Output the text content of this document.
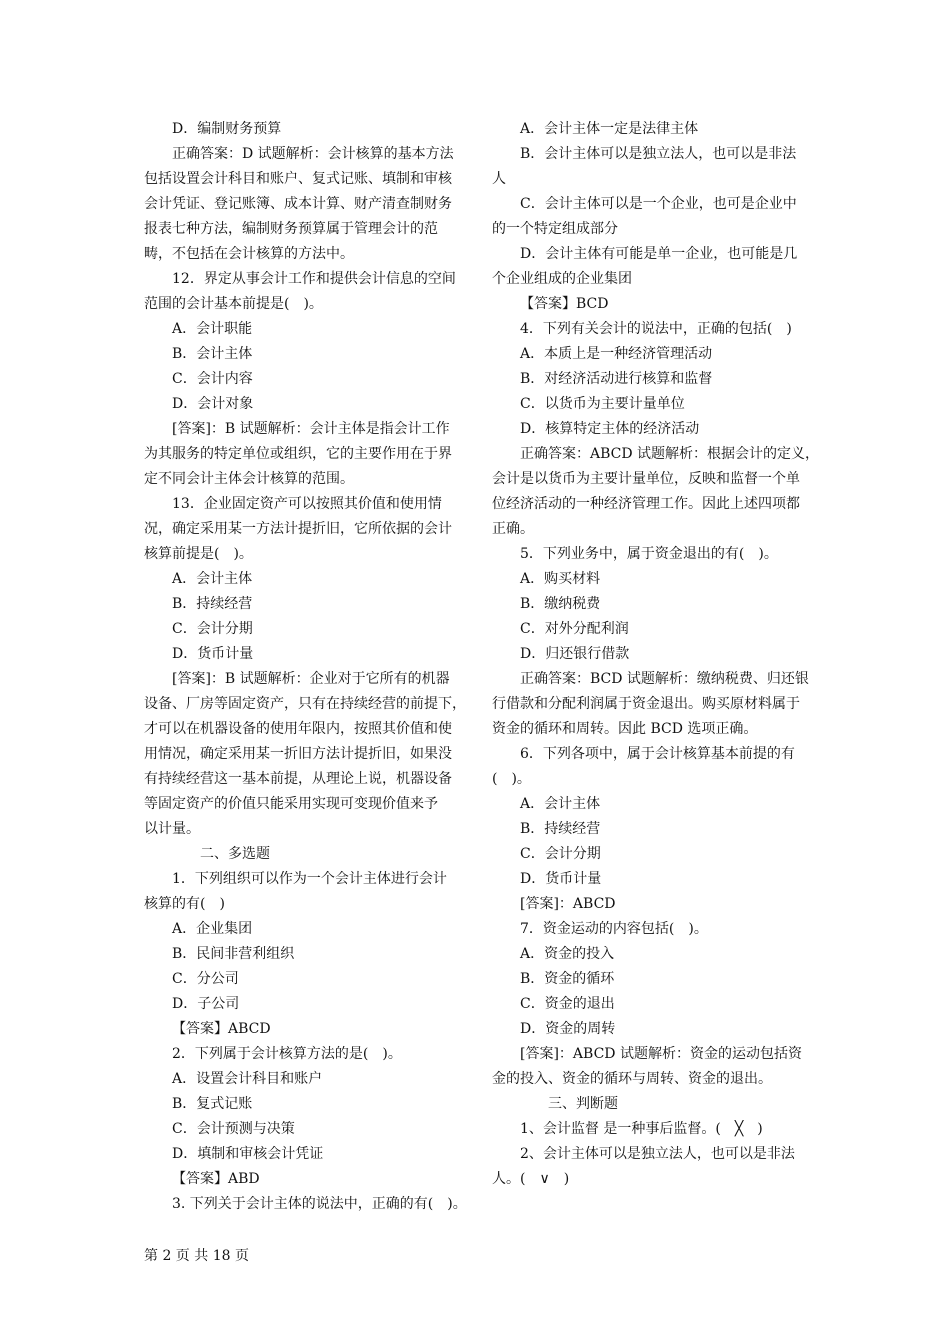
D．编制财务预算
正确答案：D 试题解析：会计核算的基本方法
包括设置会计科目和账户、复式记账、填制和审核
会计凭证、登记账簿、成本计算、财产清查制财务
报表七种方法，编制财务预算属于管理会计的范
畴，不包括在会计核算的方法中。
12．界定从事会计工作和提供会计信息的空间
范围的会计基本前提是(　)。
A．会计职能
B．会计主体
C．会计内容
D．会计对象
[答案]：B 试题解析：会计主体是指会计工作
为其服务的特定单位或组织，它的主要作用在于界
定不同会计主体会计核算的范围。
13．企业固定资产可以按照其价值和使用情
况，确定采用某一方法计提折旧，它所依据的会计
核算前提是(　)。
A．会计主体
B．持续经营
C．会计分期
D．货币计量
[答案]：B 试题解析：企业对于它所有的机器
设备、厂房等固定资产，只有在持续经营的前提下，
才可以在机器设备的使用年限内，按照其价值和使
用情况，确定采用某一折旧方法计提折旧，如果没
有持续经营这一基本前提，从理论上说，机器设备
等固定资产的价值只能采用实现可变现价值来予
以计量。
二、多选题
1．下列组织可以作为一个会计主体进行会计
核算的有(　)
A．企业集团
B．民间非营利组织
C．分公司
D．子公司
【答案】ABCD
2．下列属于会计核算方法的是(　)。
A．设置会计科目和账户
B．复式记账
C．会计预测与决策
D．填制和审核会计凭证
【答案】ABD
3. 下列关于会计主体的说法中，正确的有(　)。
A．会计主体一定是法律主体
B．会计主体可以是独立法人，也可以是非法
人
C．会计主体可以是一个企业，也可是企业中
的一个特定组成部分
D．会计主体有可能是单一企业，也可能是几
个企业组成的企业集团
【答案】BCD
4．下列有关会计的说法中，正确的包括(　)
A．本质上是一种经济管理活动
B．对经济活动进行核算和监督
C．以货币为主要计量单位
D．核算特定主体的经济活动
正确答案：ABCD 试题解析：根据会计的定义，
会计是以货币为主要计量单位，反映和监督一个单
位经济活动的一种经济管理工作。因此上述四项都
正确。
5．下列业务中，属于资金退出的有(　)。
A．购买材料
B．缴纳税费
C．对外分配利润
D．归还银行借款
正确答案：BCD 试题解析：缴纳税费、归还银
行借款和分配利润属于资金退出。购买原材料属于
资金的循环和周转。因此 BCD 选项正确。
6．下列各项中，属于会计核算基本前提的有
(　)。
A．会计主体
B．持续经营
C．会计分期
D．货币计量
[答案]：ABCD
7．资金运动的内容包括(　)。
A．资金的投入
B．资金的循环
C．资金的退出
D．资金的周转
[答案]：ABCD 试题解析：资金的运动包括资
金的投入、资金的循环与周转、资金的退出。
三、判断题
1、会计监督 是一种事后监督。(　╳　)
2、会计主体可以是独立法人，也可以是非法
人。(　∨　)
第 2 页 共 18 页
